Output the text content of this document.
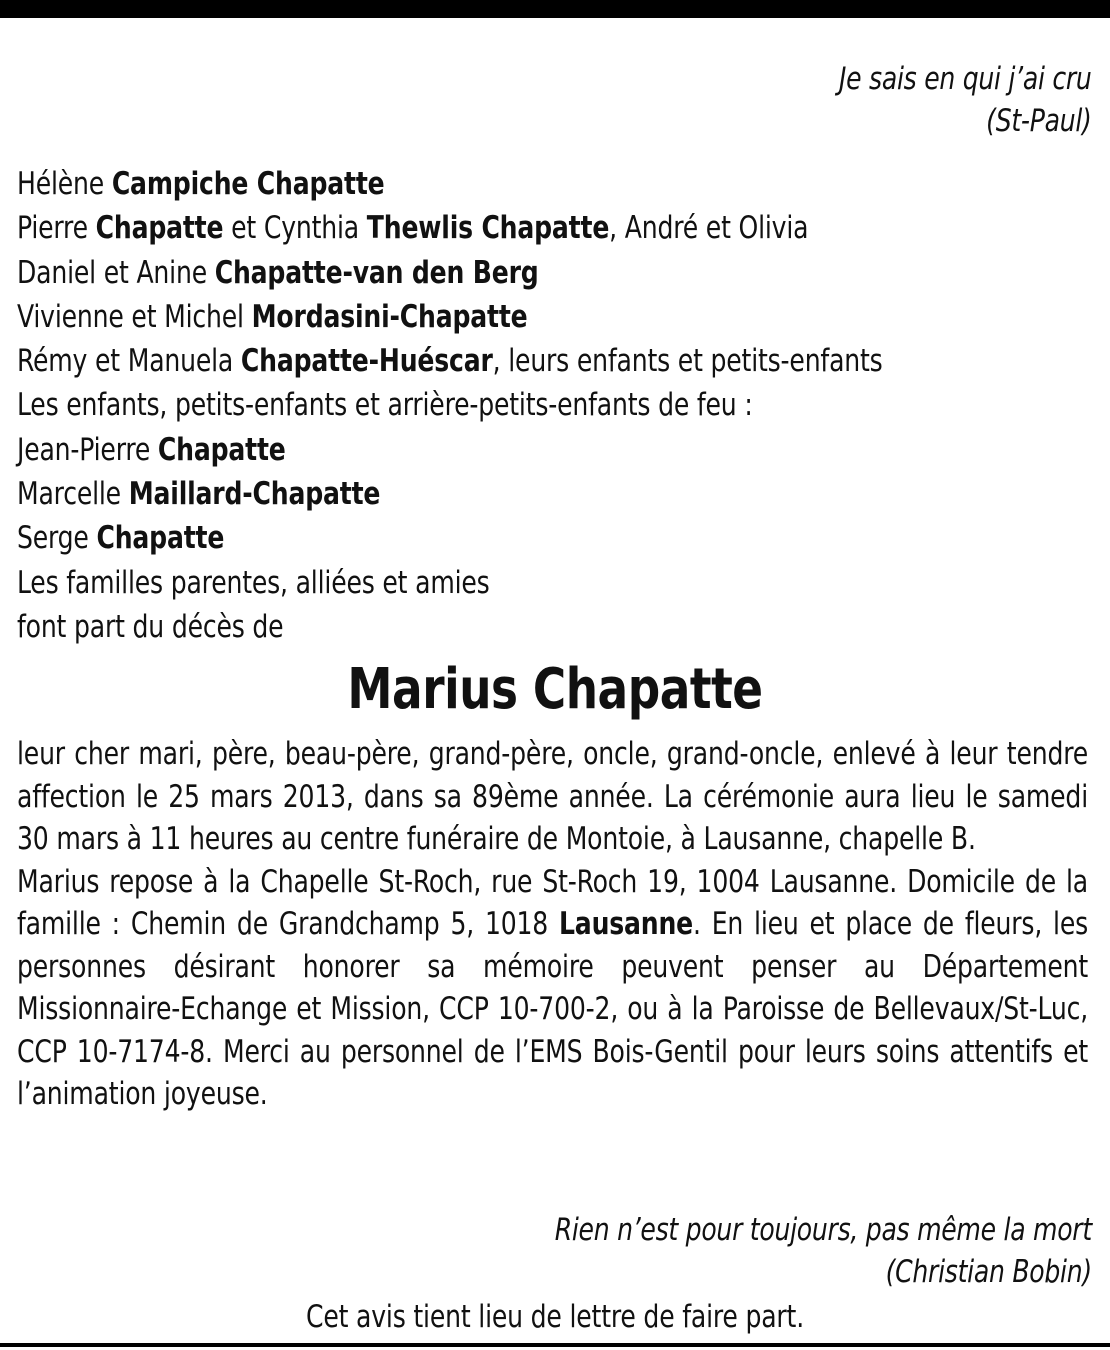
Je sais en qui j’ai cru
(St-Paul)
Hélène Campiche Chapatte
Pierre Chapatte et Cynthia Thewlis Chapatte, André et Olivia
Daniel et Anine Chapatte-van den Berg
Vivienne et Michel Mordasini-Chapatte
Rémy et Manuela Chapatte-Huéscar, leurs enfants et petits-enfants
Les enfants, petits-enfants et arrière-petits-enfants de feu :
Jean-Pierre Chapatte
Marcelle Maillard-Chapatte
Serge Chapatte
Les familles parentes, alliées et amies
font part du décès de
Marius Chapatte

leur cher mari, père, beau-père, grand-père, oncle, grand-oncle, enlevé à leur tendre affection le 25 mars 2013, dans sa 89ème année. La cérémonie aura lieu le samedi 30 mars à 11 heures au centre funéraire de Montoie, à Lausanne, chapelle B.

Marius repose à la Chapelle St-Roch, rue St-Roch 19, 1004 Lausanne. Domicile de la famille : Chemin de Grandchamp 5, 1018 Lausanne. En lieu et place de fleurs, les personnes désirant honorer sa mémoire peuvent penser au Département Missionnaire-Echange et Mission, CCP 10-700-2, ou à la Paroisse de Bellevaux/St-Luc, CCP 10-7174-8. Merci au personnel de l’EMS Bois-Gentil pour leurs soins attentifs et l’animation joyeuse.

Rien n’est pour toujours, pas même la mort
(Christian Bobin)
Cet avis tient lieu de lettre de faire part.
